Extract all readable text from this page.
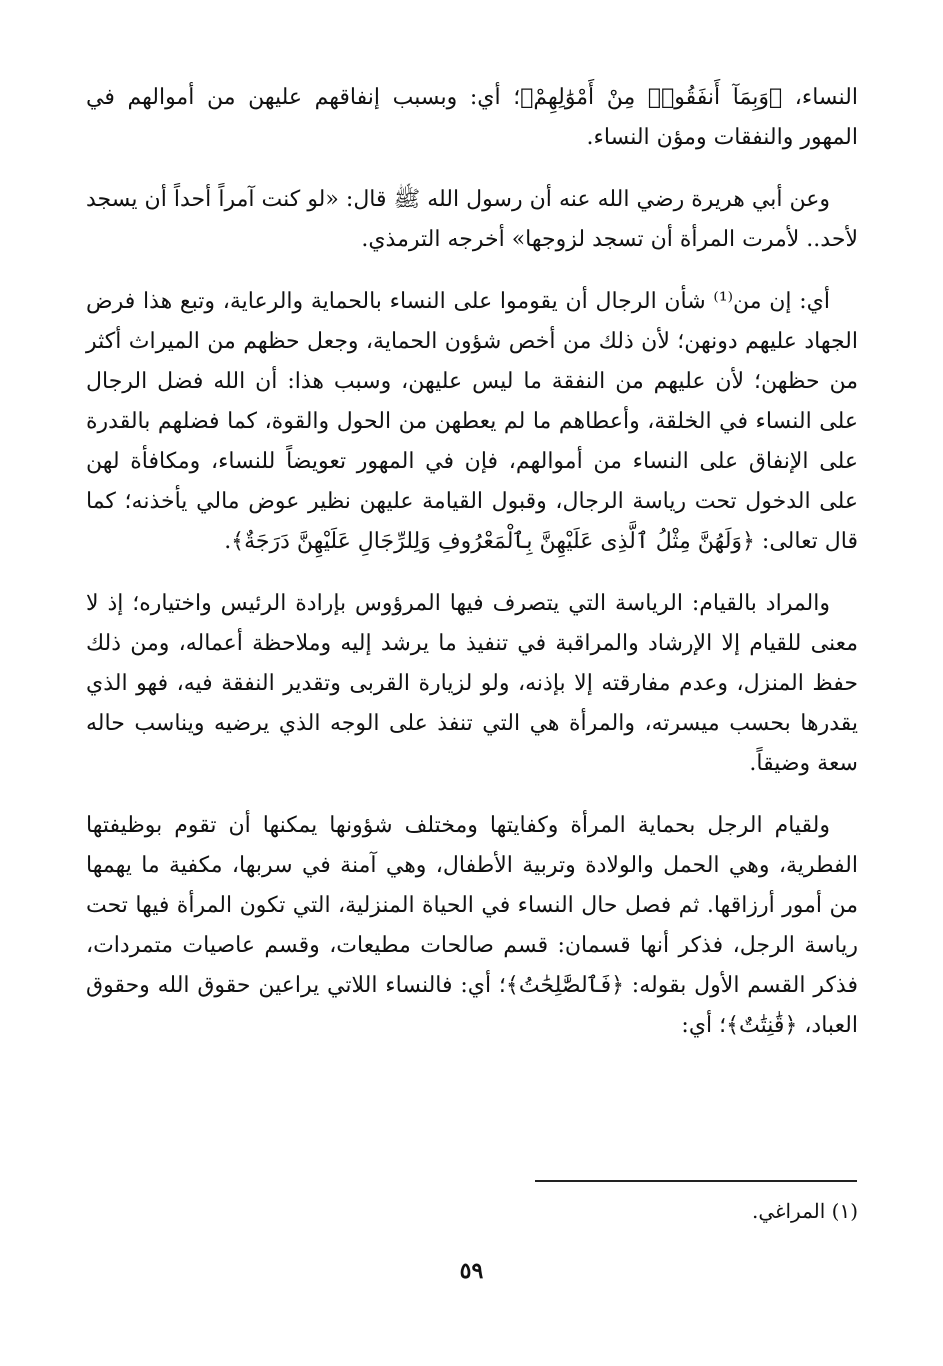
النساء، ﴿وَبِمَآ أَنفَقُوا۟ مِنْ أَمْوَٰلِهِمْ﴾؛ أي: وبسبب إنفاقهم عليهن من أموالهم في المهور والنفقات ومؤن النساء.

وعن أبي هريرة رضي الله عنه أن رسول الله ﷺ قال: «لو كنت آمراً أحداً أن يسجد لأحد.. لأمرت المرأة أن تسجد لزوجها» أخرجه الترمذي.

أي: إن من⁽¹⁾ شأن الرجال أن يقوموا على النساء بالحماية والرعاية، وتبع هذا فرض الجهاد عليهم دونهن؛ لأن ذلك من أخص شؤون الحماية، وجعل حظهم من الميراث أكثر من حظهن؛ لأن عليهم من النفقة ما ليس عليهن، وسبب هذا: أن الله فضل الرجال على النساء في الخلقة، وأعطاهم ما لم يعطهن من الحول والقوة، كما فضلهم بالقدرة على الإنفاق على النساء من أموالهم، فإن في المهور تعويضاً للنساء، ومكافأة لهن على الدخول تحت رياسة الرجال، وقبول القيامة عليهن نظير عوض مالي يأخذنه؛ كما قال تعالى: ﴿وَلَهُنَّ مِثْلُ ٱلَّذِى عَلَيْهِنَّ بِٱلْمَعْرُوفِ وَلِلرِّجَالِ عَلَيْهِنَّ دَرَجَةٌ﴾.

والمراد بالقيام: الرياسة التي يتصرف فيها المرؤوس بإرادة الرئيس واختياره؛ إذ لا معنى للقيام إلا الإرشاد والمراقبة في تنفيذ ما يرشد إليه وملاحظة أعماله، ومن ذلك حفظ المنزل، وعدم مفارقته إلا بإذنه، ولو لزيارة القربى وتقدير النفقة فيه، فهو الذي يقدرها بحسب ميسرته، والمرأة هي التي تنفذ على الوجه الذي يرضيه ويناسب حاله سعة وضيقاً.

ولقيام الرجل بحماية المرأة وكفايتها ومختلف شؤونها يمكنها أن تقوم بوظيفتها الفطرية، وهي الحمل والولادة وتربية الأطفال، وهي آمنة في سربها، مكفية ما يهمها من أمور أرزاقها. ثم فصل حال النساء في الحياة المنزلية، التي تكون المرأة فيها تحت رياسة الرجل، فذكر أنها قسمان: قسم صالحات مطيعات، وقسم عاصيات متمردات، فذكر القسم الأول بقوله: ﴿فَٱلصَّٰلِحَٰتُ﴾؛ أي: فالنساء اللاتي يراعين حقوق الله وحقوق العباد، ﴿قَٰنِتَٰتٌ﴾؛ أي:

(١) المراغي.
٥٩
